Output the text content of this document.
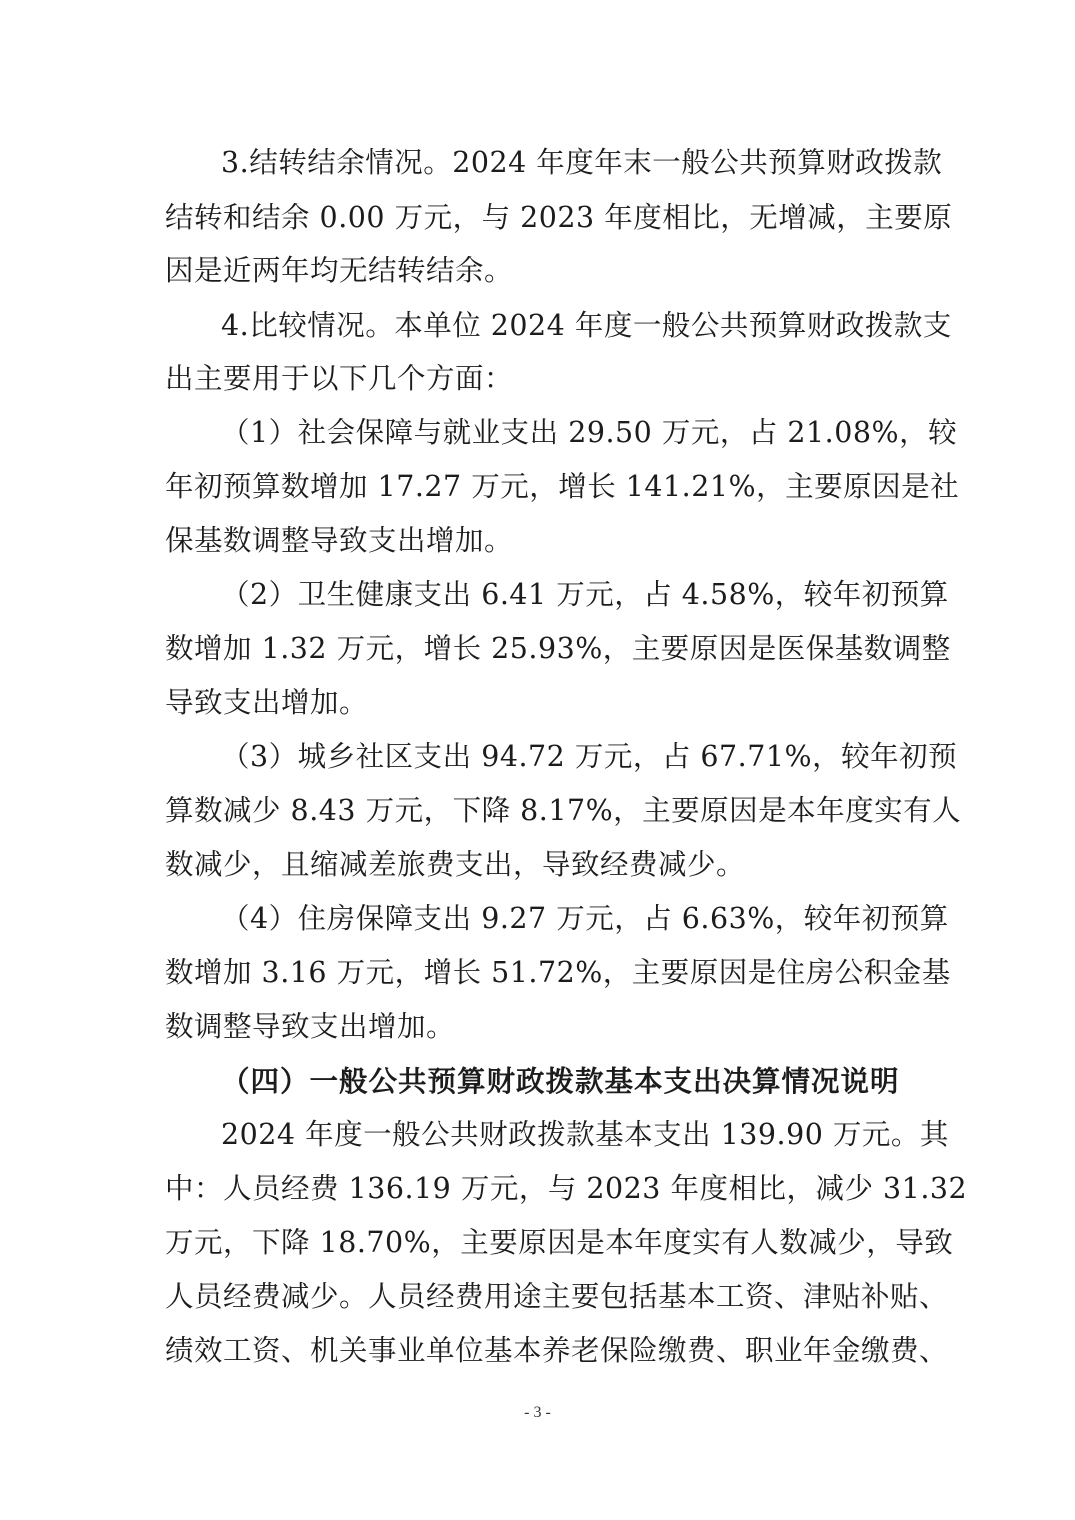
3.结转结余情况。2024 年度年末一般公共预算财政拨款
结转和结余 0.00 万元，与 2023 年度相比，无增减，主要原
因是近两年均无结转结余。
4.比较情况。本单位 2024 年度一般公共预算财政拨款支
出主要用于以下几个方面：
（1）社会保障与就业支出 29.50 万元，占 21.08%，较
年初预算数增加 17.27 万元，增长 141.21%，主要原因是社
保基数调整导致支出增加。
（2）卫生健康支出 6.41 万元，占 4.58%，较年初预算
数增加 1.32 万元，增长 25.93%，主要原因是医保基数调整
导致支出增加。
（3）城乡社区支出 94.72 万元，占 67.71%，较年初预
算数减少 8.43 万元，下降 8.17%，主要原因是本年度实有人
数减少，且缩减差旅费支出，导致经费减少。
（4）住房保障支出 9.27 万元，占 6.63%，较年初预算
数增加 3.16 万元，增长 51.72%，主要原因是住房公积金基
数调整导致支出增加。
（四）一般公共预算财政拨款基本支出决算情况说明
2024 年度一般公共财政拨款基本支出 139.90 万元。其
中：人员经费 136.19 万元，与 2023 年度相比，减少 31.32
万元，下降 18.70%，主要原因是本年度实有人数减少，导致
人员经费减少。人员经费用途主要包括基本工资、津贴补贴、
绩效工资、机关事业单位基本养老保险缴费、职业年金缴费、
- 3 -
